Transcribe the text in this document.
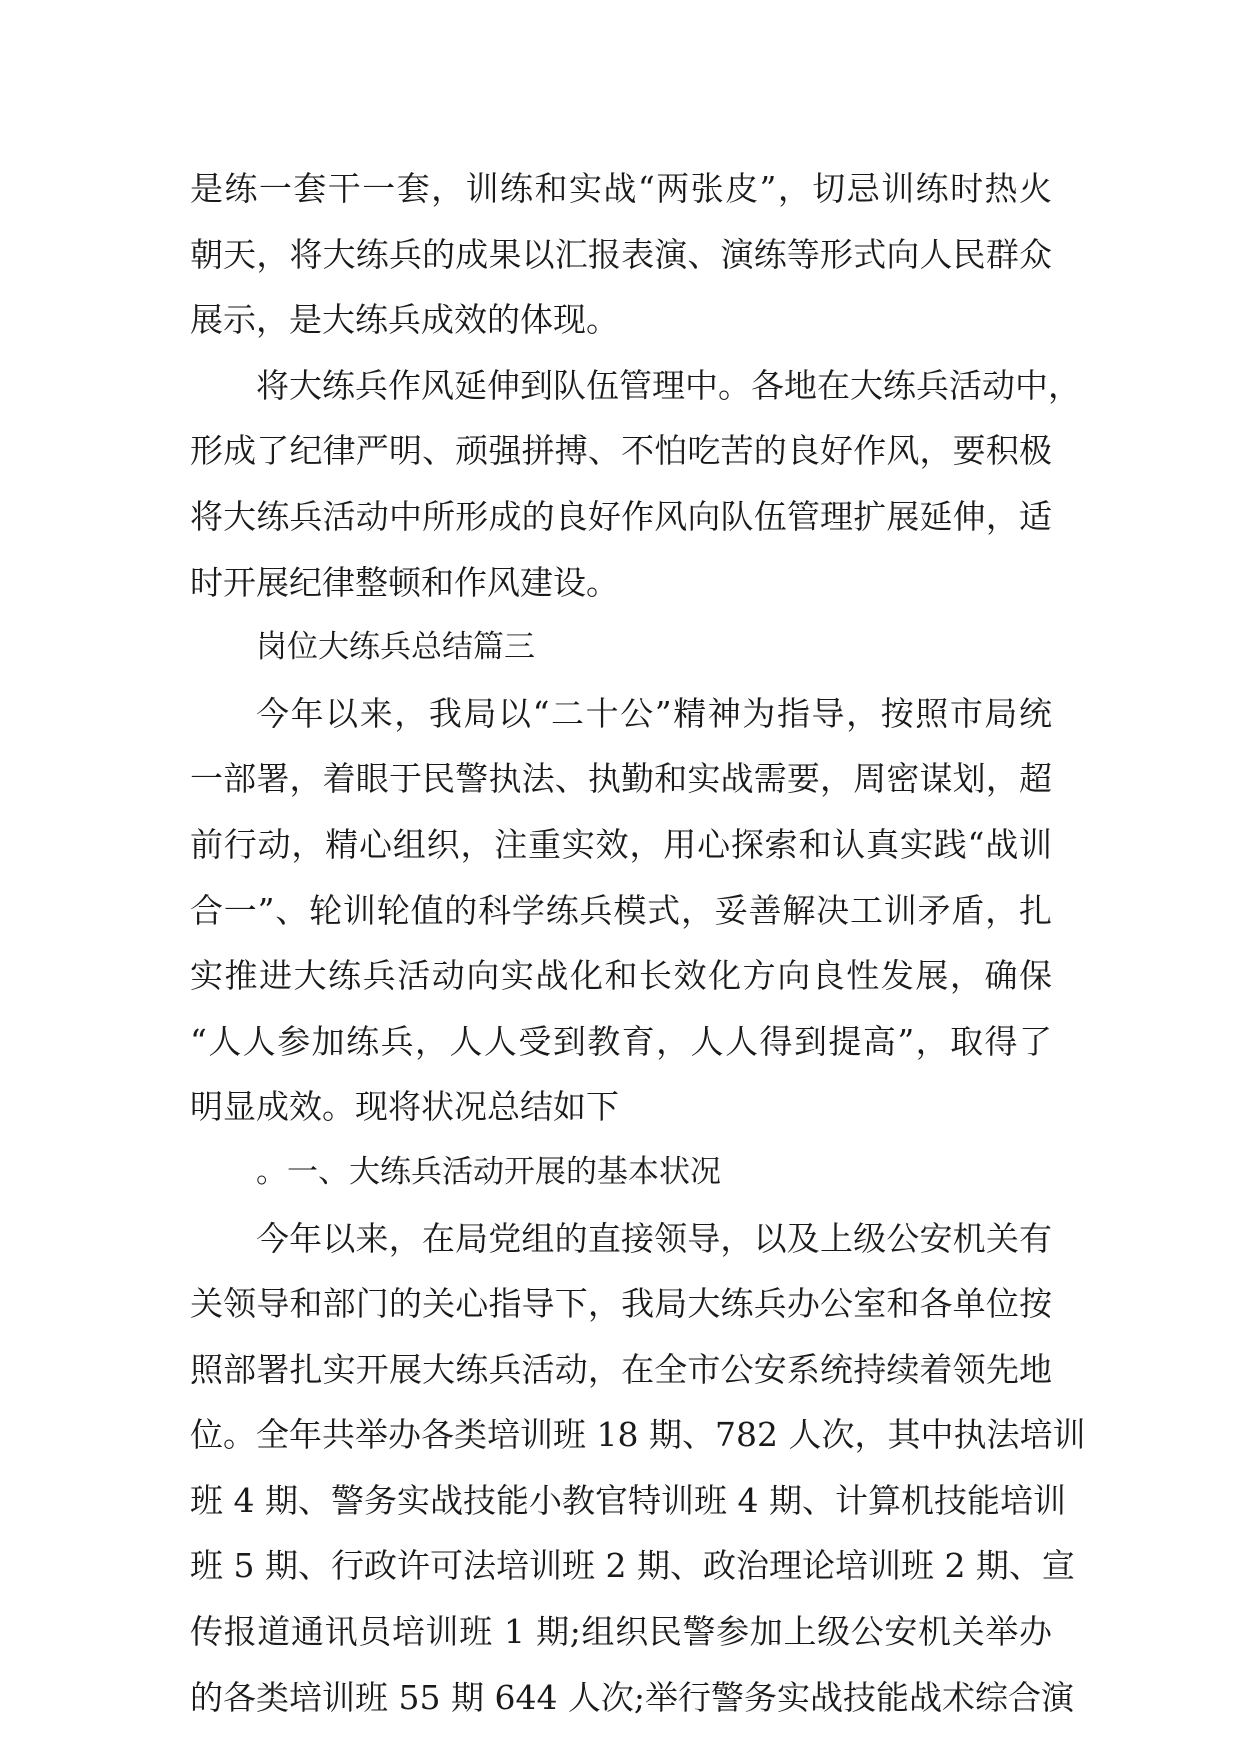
是练一套干一套，训练和实战“两张皮”，切忌训练时热火
朝天，将大练兵的成果以汇报表演、演练等形式向人民群众
展示，是大练兵成效的体现。
将大练兵作风延伸到队伍管理中。各地在大练兵活动中，
形成了纪律严明、顽强拼搏、不怕吃苦的良好作风，要积极
将大练兵活动中所形成的良好作风向队伍管理扩展延伸，适
时开展纪律整顿和作风建设。
岗位大练兵总结篇三
今年以来，我局以“二十公”精神为指导，按照市局统
一部署，着眼于民警执法、执勤和实战需要，周密谋划，超
前行动，精心组织，注重实效，用心探索和认真实践“战训
合一”、轮训轮值的科学练兵模式，妥善解决工训矛盾，扎
实推进大练兵活动向实战化和长效化方向良性发展，确保
“人人参加练兵，人人受到教育，人人得到提高”，取得了
明显成效。现将状况总结如下
。一、大练兵活动开展的基本状况
今年以来，在局党组的直接领导，以及上级公安机关有
关领导和部门的关心指导下，我局大练兵办公室和各单位按
照部署扎实开展大练兵活动，在全市公安系统持续着领先地
位。全年共举办各类培训班 18 期、782 人次，其中执法培训
班 4 期、警务实战技能小教官特训班 4 期、计算机技能培训
班 5 期、行政许可法培训班 2 期、政治理论培训班 2 期、宣
传报道通讯员培训班 1 期;组织民警参加上级公安机关举办
的各类培训班 55 期 644 人次;举行警务实战技能战术综合演
